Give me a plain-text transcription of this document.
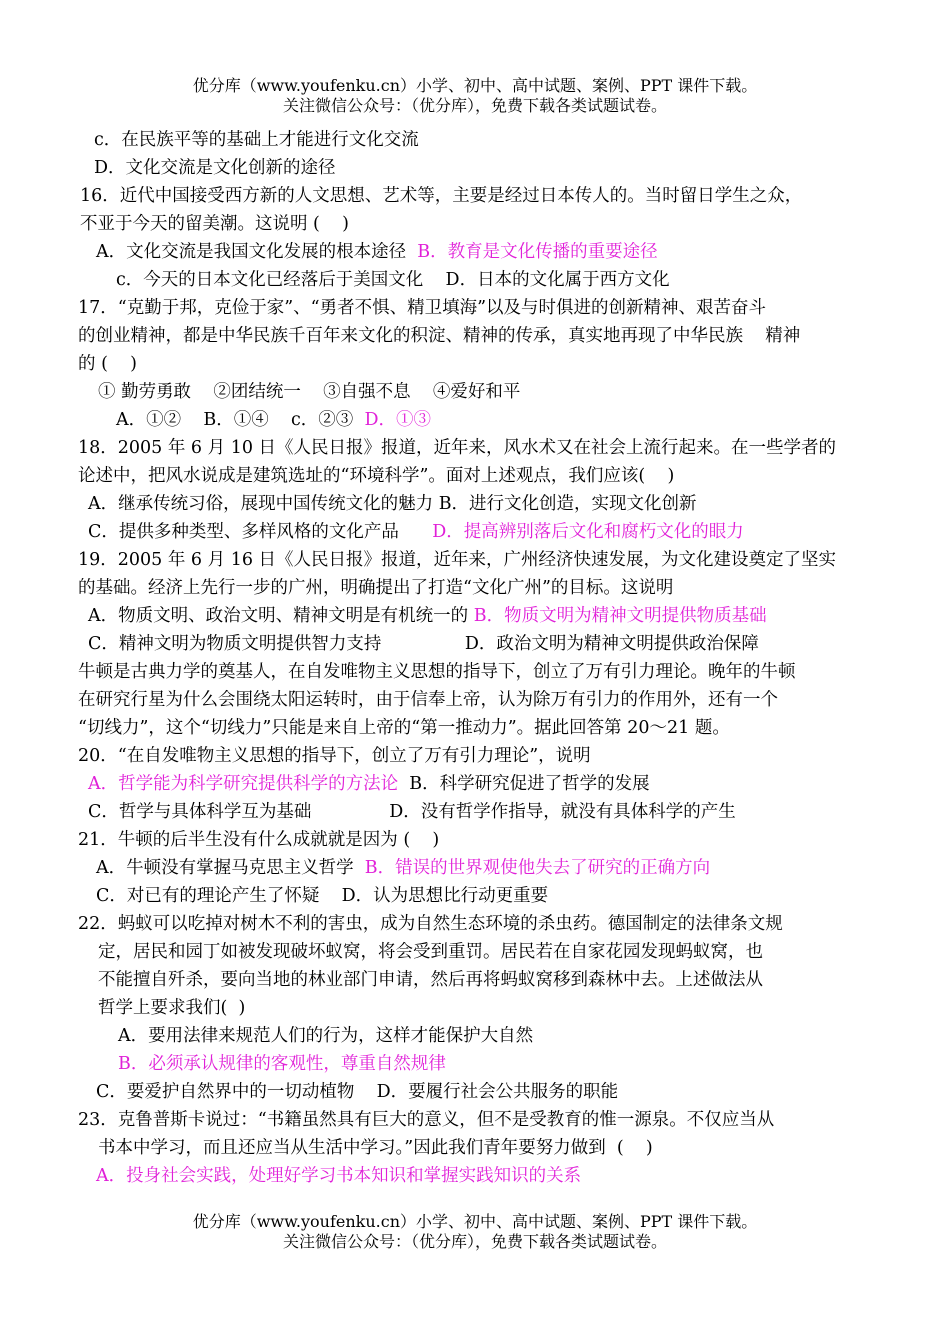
优分库（www.youfenku.cn）小学、初中、高中试题、案例、PPT 课件下载。
关注微信公众号：（优分库），免费下载各类试题试卷。
c．在民族平等的基础上才能进行文化交流
D．文化交流是文化创新的途径
16．近代中国接受西方新的人文思想、艺术等，主要是经过日本传人的。当时留日学生之众，
不亚于今天的留美潮。这说明 (    )
A．文化交流是我国文化发展的根本途径 B．教育是文化传播的重要途径
c．今天的日本文化已经落后于美国文化    D．日本的文化属于西方文化
17．“克勤于邦，克俭于家”、“勇者不惧、精卫填海”以及与时俱进的创新精神、艰苦奋斗
的创业精神，都是中华民族千百年来文化的积淀、精神的传承，真实地再现了中华民族    精神
的 (    )
① 勤劳勇敢    ②团结统一    ③自强不息    ④爱好和平
A．①②    B．①④    c．②③ D．①③
18．2005 年 6 月 10 日《人民日报》报道，近年来，风水术又在社会上流行起来。在一些学者的
论述中，把风水说成是建筑选址的“环境科学”。面对上述观点，我们应该(    )
A．继承传统习俗，展现中国传统文化的魅力 B．进行文化创造，实现文化创新
C．提供多种类型、多样风格的文化产品 D．提高辨别落后文化和腐朽文化的眼力
19．2005 年 6 月 16 日《人民日报》报道，近年来，广州经济快速发展，为文化建设奠定了坚实
的基础。经济上先行一步的广州，明确提出了打造“文化广州”的目标。这说明
A．物质文明、政治文明、精神文明是有机统一的 B．物质文明为精神文明提供物质基础
C．精神文明为物质文明提供智力支持               D．政治文明为精神文明提供政治保障
牛顿是古典力学的奠基人，在自发唯物主义思想的指导下，创立了万有引力理论。晚年的牛顿
在研究行星为什么会围绕太阳运转时，由于信奉上帝，认为除万有引力的作用外，还有一个
“切线力”，这个“切线力”只能是来自上帝的“第一推动力”。据此回答第 20～21 题。
20．“在自发唯物主义思想的指导下，创立了万有引力理论”，说明
A．哲学能为科学研究提供科学的方法论 B．科学研究促进了哲学的发展
C．哲学与具体科学互为基础              D．没有哲学作指导，就没有具体科学的产生
21．牛顿的后半生没有什么成就就是因为 (    )
A．牛顿没有掌握马克思主义哲学 B．错误的世界观使他失去了研究的正确方向
C．对已有的理论产生了怀疑    D．认为思想比行动更重要
22．蚂蚁可以吃掉对树木不利的害虫，成为自然生态环境的杀虫药。德国制定的法律条文规
定，居民和园丁如被发现破坏蚁窝，将会受到重罚。居民若在自家花园发现蚂蚁窝，也
不能擅自歼杀，要向当地的林业部门申请，然后再将蚂蚁窝移到森林中去。上述做法从
哲学上要求我们(  )
A．要用法律来规范人们的行为，这样才能保护大自然
B．必须承认规律的客观性，尊重自然规律
C．要爱护自然界中的一切动植物    D．要履行社会公共服务的职能
23．克鲁普斯卡说过：“书籍虽然具有巨大的意义，但不是受教育的惟一源泉。不仅应当从
书本中学习，而且还应当从生活中学习。”因此我们青年要努力做到  (    )
A．投身社会实践，处理好学习书本知识和掌握实践知识的关系
优分库（www.youfenku.cn）小学、初中、高中试题、案例、PPT 课件下载。
关注微信公众号：（优分库），免费下载各类试题试卷。
